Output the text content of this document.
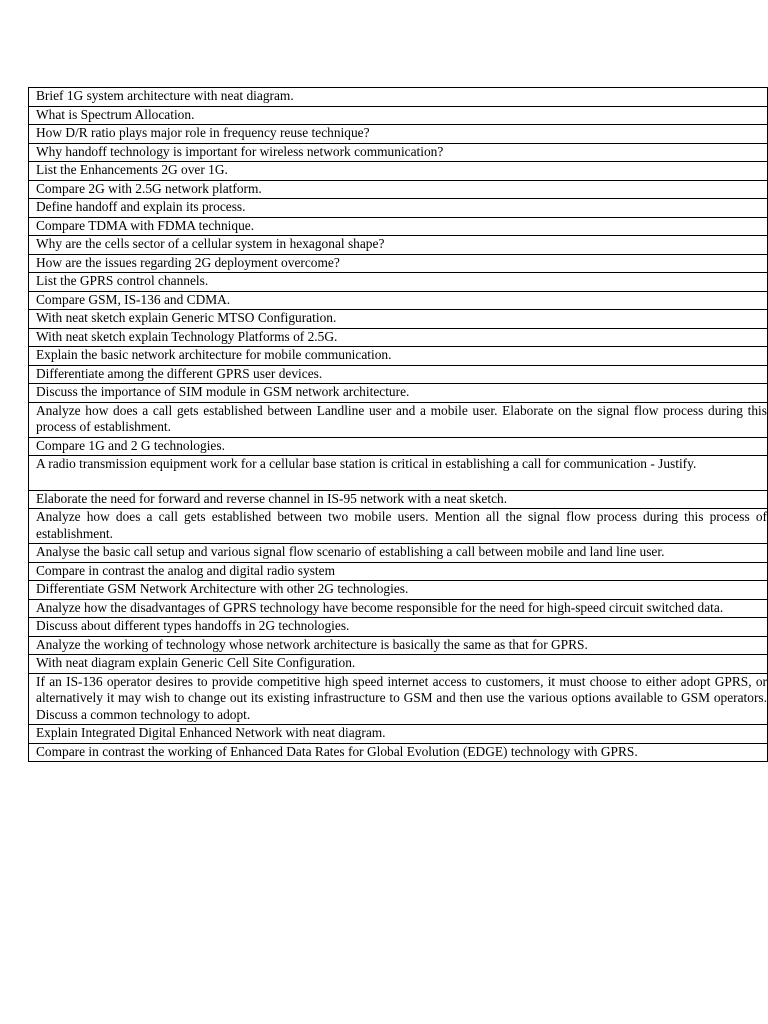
Brief 1G system architecture with neat diagram.
What is Spectrum Allocation.
How D/R ratio plays major role in frequency reuse technique?
Why handoff technology is important for wireless network communication?
List the Enhancements 2G over 1G.
Compare 2G with 2.5G network platform.
Define handoff and explain its process.
Compare TDMA with FDMA technique.
Why are the cells sector of a cellular system in hexagonal shape?
How are the issues regarding 2G deployment overcome?
List the GPRS control channels.
Compare GSM, IS-136 and CDMA.
With neat sketch explain Generic MTSO Configuration.
With neat sketch explain Technology Platforms of 2.5G.
Explain the basic network architecture for mobile communication.
Differentiate among the different GPRS user devices.
Discuss the importance of SIM module in GSM network architecture.
Analyze how does a call gets established between Landline user and a mobile user. Elaborate on the signal flow process during this process of establishment.
Compare 1G and 2 G technologies.
A radio transmission equipment work for a cellular base station is critical in establishing a call for communication - Justify.
Elaborate the need for forward and reverse channel in IS-95 network with a neat sketch.
Analyze how does a call gets established between two mobile users. Mention all the signal flow process during this process of establishment.
Analyse the basic call setup and various signal flow scenario of establishing a call between mobile and land line user.
Compare in contrast the analog and digital radio system
Differentiate GSM Network Architecture with other 2G technologies.
Analyze how the disadvantages of GPRS technology have become responsible for the need for high-speed circuit switched data.
Discuss about different types handoffs in 2G technologies.
Analyze the working of technology whose network architecture is basically the same as that for GPRS.
With neat diagram explain Generic Cell Site Configuration.
If an IS-136 operator desires to provide competitive high speed internet access to customers, it must choose to either adopt GPRS, or alternatively it may wish to change out its existing infrastructure to GSM and then use the various options available to GSM operators. Discuss a common technology to adopt.
Explain Integrated Digital Enhanced Network with neat diagram.
Compare in contrast the working of Enhanced Data Rates for Global Evolution (EDGE) technology with GPRS.
